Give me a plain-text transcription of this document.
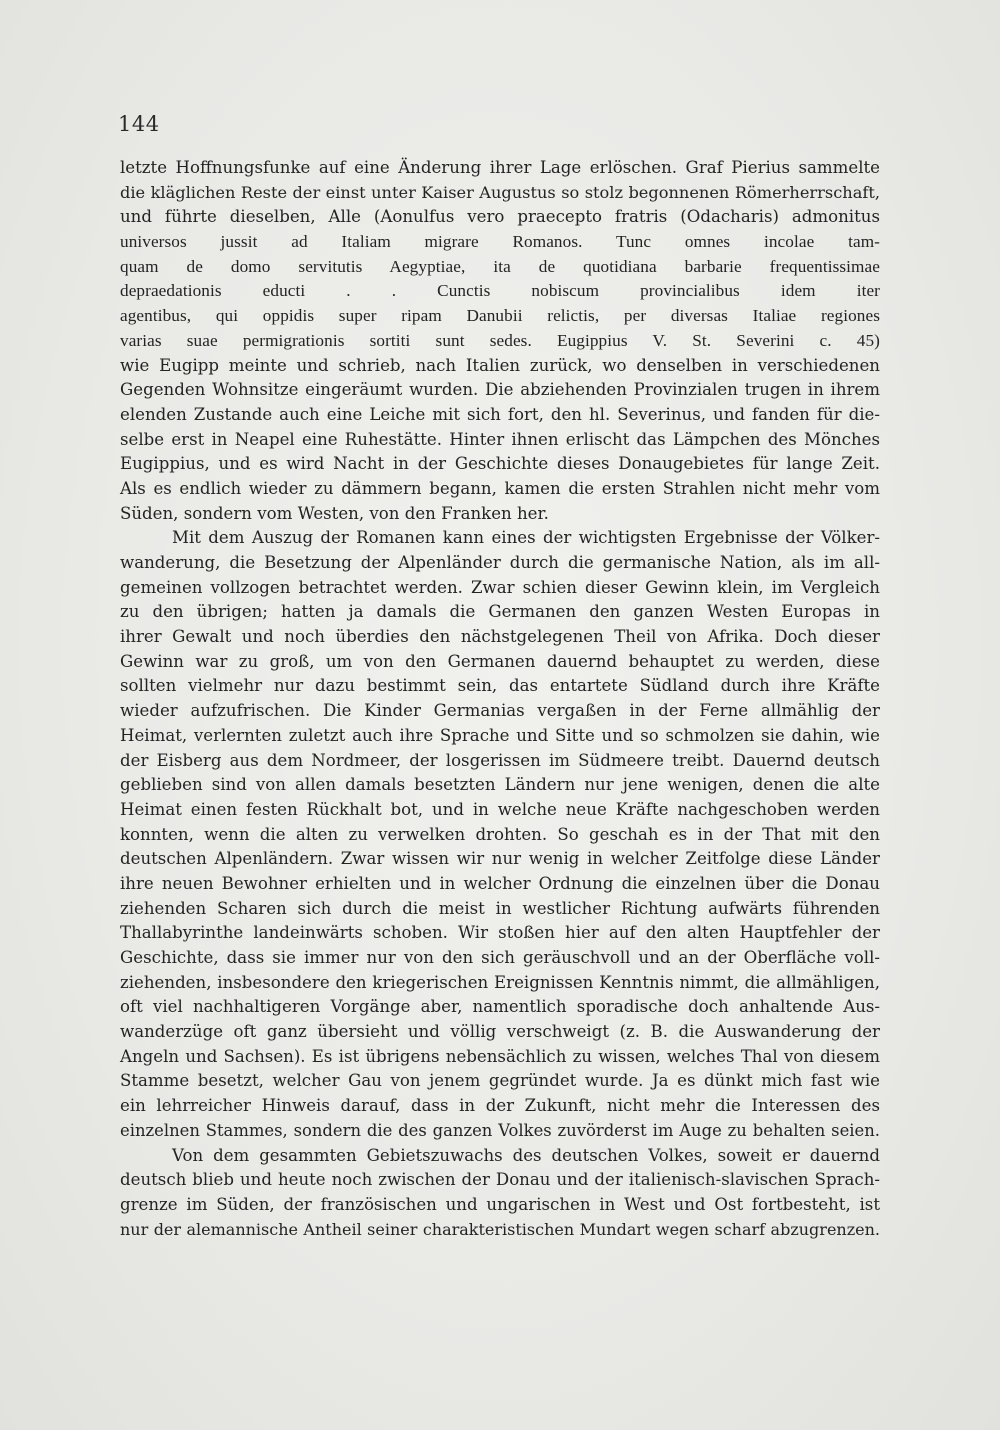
144

letzte Hoffnungsfunke auf eine Änderung ihrer Lage erlöschen. Graf Pierius sammelte
die kläglichen Reste der einst unter Kaiser Augustus so stolz begonnenen Römerherrschaft,
und führte dieselben, Alle (Aonulfus vero praecepto fratris (Odacharis) admonitus
universos jussit ad Italiam migrare Romanos. Tunc omnes incolae tam-
quam de domo servitutis Aegyptiae, ita de quotidiana barbarie frequentissimae
depraedationis educti . . Cunctis nobiscum provincialibus idem iter
agentibus, qui oppidis super ripam Danubii relictis, per diversas Italiae regiones
varias suae permigrationis sortiti sunt sedes. Eugippius V. St. Severini c. 45)
wie Eugipp meinte und schrieb, nach Italien zurück, wo denselben in verschiedenen
Gegenden Wohnsitze eingeräumt wurden. Die abziehenden Provinzialen trugen in ihrem
elenden Zustande auch eine Leiche mit sich fort, den hl. Severinus, und fanden für die-
selbe erst in Neapel eine Ruhestätte. Hinter ihnen erlischt das Lämpchen des Mönches
Eugippius, und es wird Nacht in der Geschichte dieses Donaugebietes für lange Zeit.
Als es endlich wieder zu dämmern begann, kamen die ersten Strahlen nicht mehr vom
Süden, sondern vom Westen, von den Franken her.

Mit dem Auszug der Romanen kann eines der wichtigsten Ergebnisse der Völker-
wanderung, die Besetzung der Alpenländer durch die germanische Nation, als im all-
gemeinen vollzogen betrachtet werden. Zwar schien dieser Gewinn klein, im Vergleich
zu den übrigen; hatten ja damals die Germanen den ganzen Westen Europas in
ihrer Gewalt und noch überdies den nächstgelegenen Theil von Afrika. Doch dieser
Gewinn war zu groß, um von den Germanen dauernd behauptet zu werden, diese
sollten vielmehr nur dazu bestimmt sein, das entartete Südland durch ihre Kräfte
wieder aufzufrischen. Die Kinder Germanias vergaßen in der Ferne allmählig der
Heimat, verlernten zuletzt auch ihre Sprache und Sitte und so schmolzen sie dahin, wie
der Eisberg aus dem Nordmeer, der losgerissen im Südmeere treibt. Dauernd deutsch
geblieben sind von allen damals besetzten Ländern nur jene wenigen, denen die alte
Heimat einen festen Rückhalt bot, und in welche neue Kräfte nachgeschoben werden
konnten, wenn die alten zu verwelken drohten. So geschah es in der That mit den
deutschen Alpenländern. Zwar wissen wir nur wenig in welcher Zeitfolge diese Länder
ihre neuen Bewohner erhielten und in welcher Ordnung die einzelnen über die Donau
ziehenden Scharen sich durch die meist in westlicher Richtung aufwärts führenden
Thallabyrinthe landeinwärts schoben. Wir stoßen hier auf den alten Hauptfehler der
Geschichte, dass sie immer nur von den sich geräuschvoll und an der Oberfläche voll-
ziehenden, insbesondere den kriegerischen Ereignissen Kenntnis nimmt, die allmähligen,
oft viel nachhaltigeren Vorgänge aber, namentlich sporadische doch anhaltende Aus-
wanderzüge oft ganz übersieht und völlig verschweigt (z. B. die Auswanderung der
Angeln und Sachsen). Es ist übrigens nebensächlich zu wissen, welches Thal von diesem
Stamme besetzt, welcher Gau von jenem gegründet wurde. Ja es dünkt mich fast wie
ein lehrreicher Hinweis darauf, dass in der Zukunft, nicht mehr die Interessen des
einzelnen Stammes, sondern die des ganzen Volkes zuvörderst im Auge zu behalten seien.

Von dem gesammten Gebietszuwachs des deutschen Volkes, soweit er dauernd
deutsch blieb und heute noch zwischen der Donau und der italienisch-slavischen Sprach-
grenze im Süden, der französischen und ungarischen in West und Ost fortbesteht, ist
nur der alemannische Antheil seiner charakteristischen Mundart wegen scharf abzugrenzen.
